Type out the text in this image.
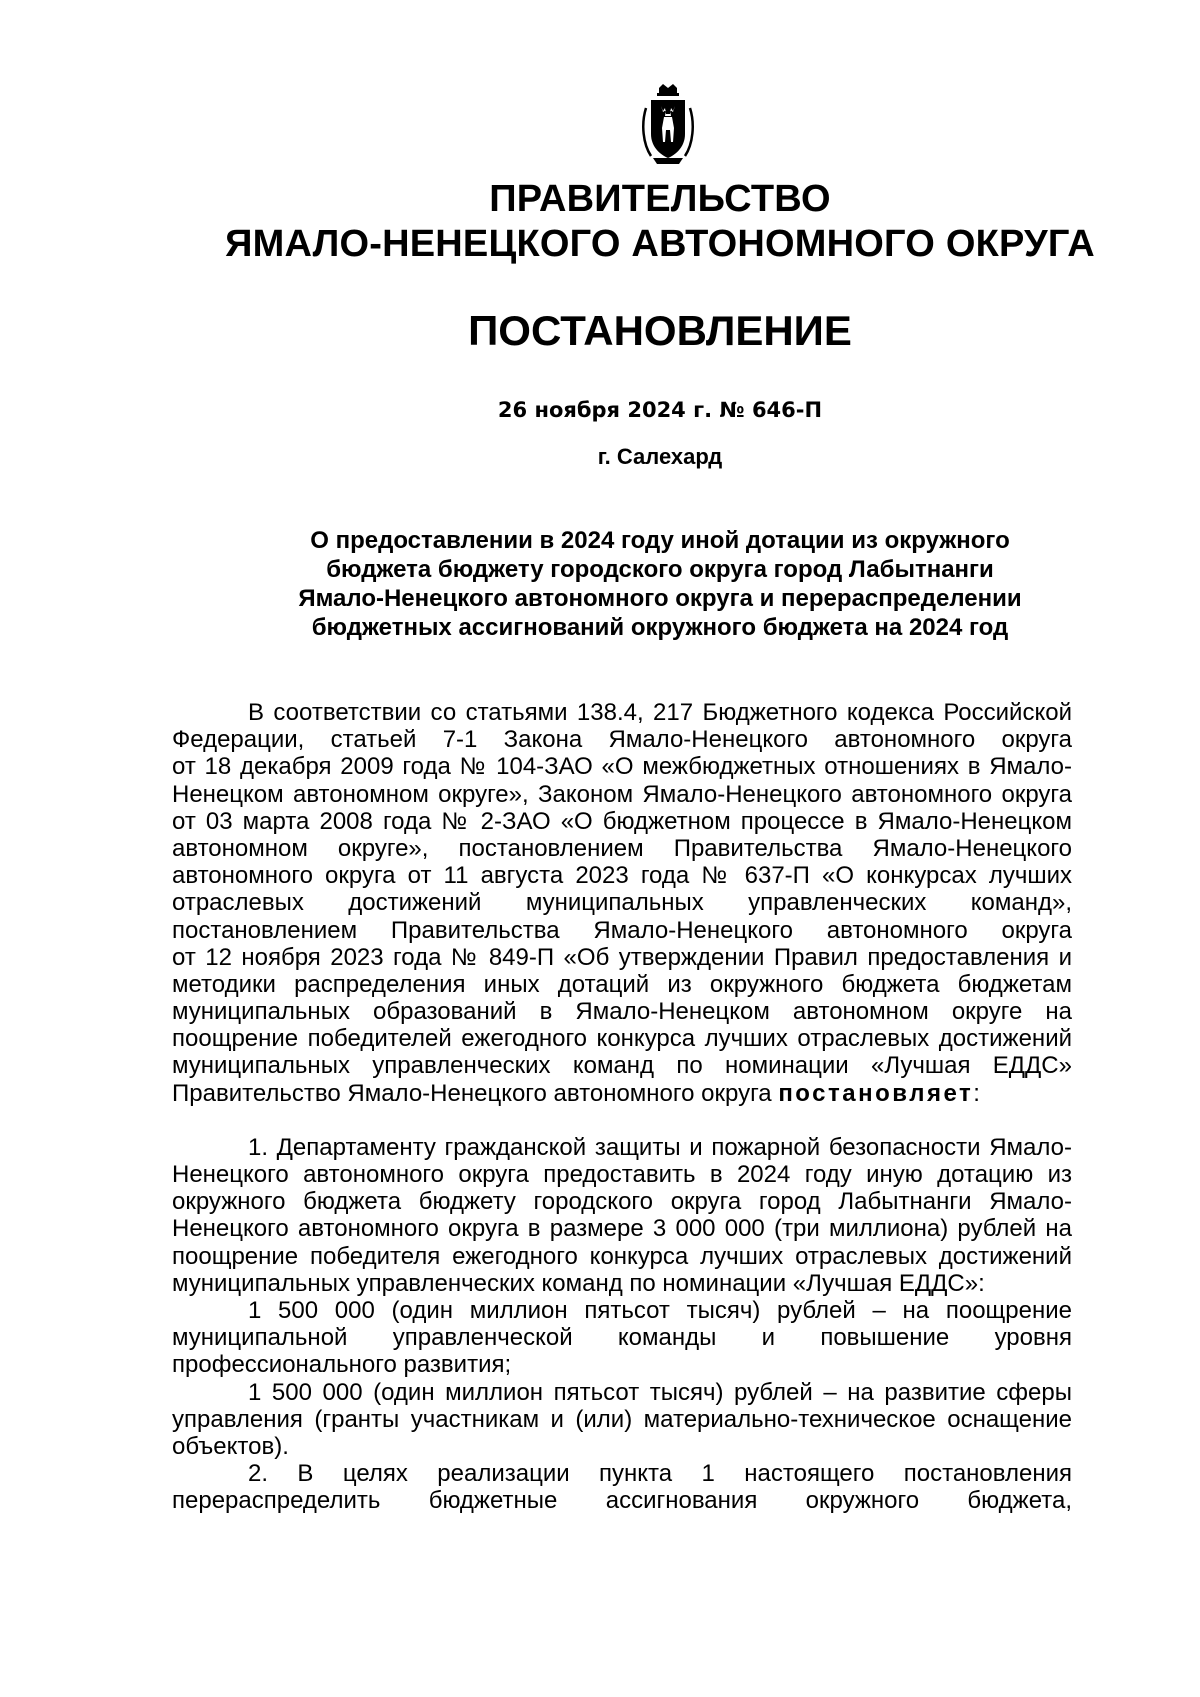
ПРАВИТЕЛЬСТВО
ЯМАЛО-НЕНЕЦКОГО АВТОНОМНОГО ОКРУГА
ПОСТАНОВЛЕНИЕ
26 ноября 2024 г. № 646-П
г. Салехард
О предоставлении в 2024 году иной дотации из окружного
бюджета бюджету городского округа город Лабытнанги
Ямало-Ненецкого автономного округа и перераспределении
бюджетных ассигнований окружного бюджета на 2024 год
В соответствии со статьями 138.4, 217 Бюджетного кодекса Российской
Федерации, статьей 7-1 Закона Ямало-Ненецкого автономного округа
от 18 декабря 2009 года № 104-ЗАО «О межбюджетных отношениях в Ямало-
Ненецком автономном округе», Законом Ямало-Ненецкого автономного округа
от 03 марта 2008 года № 2-ЗАО «О бюджетном процессе в Ямало-Ненецком
автономном округе», постановлением Правительства Ямало-Ненецкого
автономного округа от 11 августа 2023 года № 637-П «О конкурсах лучших
отраслевых достижений муниципальных управленческих команд»,
постановлением Правительства Ямало-Ненецкого автономного округа
от 12 ноября 2023 года № 849-П «Об утверждении Правил предоставления и
методики распределения иных дотаций из окружного бюджета бюджетам
муниципальных образований в Ямало-Ненецком автономном округе на
поощрение победителей ежегодного конкурса лучших отраслевых достижений
муниципальных управленческих команд по номинации «Лучшая ЕДДС»
Правительство Ямало-Ненецкого автономного округа постановляет:
1. Департаменту гражданской защиты и пожарной безопасности Ямало-
Ненецкого автономного округа предоставить в 2024 году иную дотацию из
окружного бюджета бюджету городского округа город Лабытнанги Ямало-
Ненецкого автономного округа в размере 3 000 000 (три миллиона) рублей на
поощрение победителя ежегодного конкурса лучших отраслевых достижений
муниципальных управленческих команд по номинации «Лучшая ЕДДС»:
1 500 000 (один миллион пятьсот тысяч) рублей – на поощрение
муниципальной управленческой команды и повышение уровня
профессионального развития;
1 500 000 (один миллион пятьсот тысяч) рублей – на развитие сферы
управления (гранты участникам и (или) материально-техническое оснащение
объектов).
2. В целях реализации пункта 1 настоящего постановления
перераспределить бюджетные ассигнования окружного бюджета,
